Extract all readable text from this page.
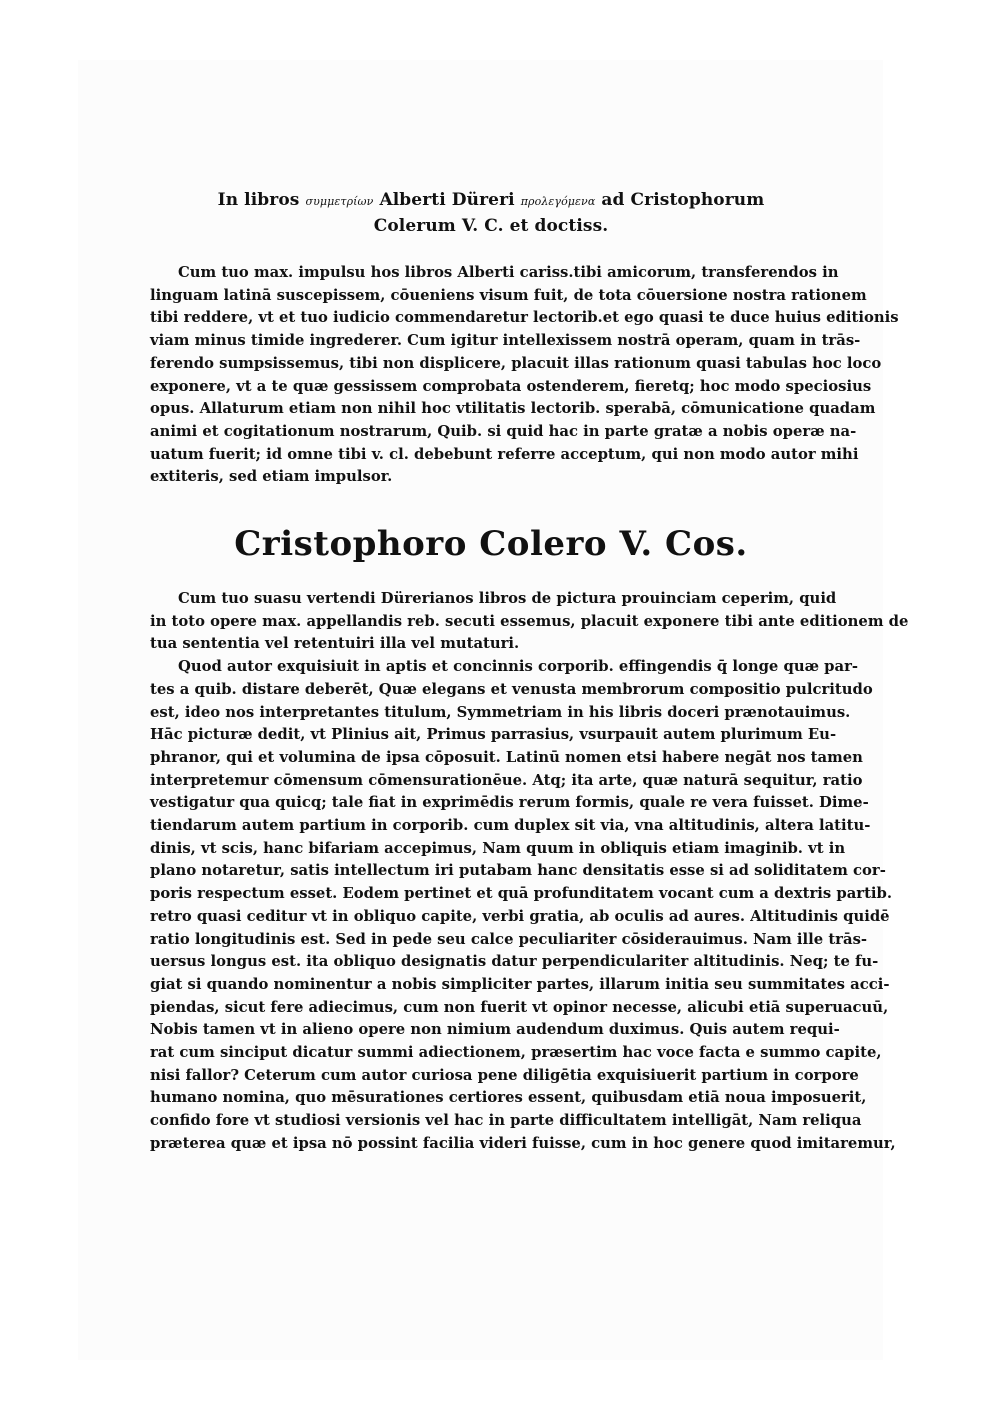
In libros συμμετρίων Alberti Düreri προλεγόμενα ad Cristophorum
Colerum V. C. et doctiss.
Cum tuo max. impulsu hos libros Alberti cariss.tibi amicorum, transferendos in
linguam latinā suscepissem, cōueniens visum fuit, de tota cōuersione nostra rationem
tibi reddere, vt et tuo iudicio commendaretur lectorib.et ego quasi te duce huius editionis
viam minus timide ingrederer. Cum igitur intellexissem nostrā operam, quam in trās-
ferendo sumpsissemus, tibi non displicere, placuit illas rationum quasi tabulas hoc loco
exponere, vt a te quæ gessissem comprobata ostenderem, fieretq; hoc modo speciosius
opus. Allaturum etiam non nihil hoc vtilitatis lectorib. sperabā, cōmunicatione quadam
animi et cogitationum nostrarum, Quib. si quid hac in parte gratæ a nobis operæ na-
uatum fuerit; id omne tibi v. cl. debebunt referre acceptum, qui non modo autor mihi
extiteris, sed etiam impulsor.
Cristophoro Colero V. Cos.
Cum tuo suasu vertendi Dürerianos libros de pictura prouinciam ceperim, quid
in toto opere max. appellandis reb. secuti essemus, placuit exponere tibi ante editionem de
tua sententia vel retentuiri illa vel mutaturi.
Quod autor exquisiuit in aptis et concinnis corporib. effingendis q̄ longe quæ par-
tes a quib. distare deberēt, Quæ elegans et venusta membrorum compositio pulcritudo
est, ideo nos interpretantes titulum, Symmetriam in his libris doceri prænotauimus.
Hāc picturæ dedit, vt Plinius ait, Primus parrasius, vsurpauit autem plurimum Eu-
phranor, qui et volumina de ipsa cōposuit. Latinū nomen etsi habere negāt nos tamen
interpretemur cōmensum cōmensurationēue. Atq; ita arte, quæ naturā sequitur, ratio
vestigatur qua quicq; tale fiat in exprimēdis rerum formis, quale re vera fuisset. Dime-
tiendarum autem partium in corporib. cum duplex sit via, vna altitudinis, altera latitu-
dinis, vt scis, hanc bifariam accepimus, Nam quum in obliquis etiam imaginib. vt in
plano notaretur, satis intellectum iri putabam hanc densitatis esse si ad soliditatem cor-
poris respectum esset. Eodem pertinet et quā profunditatem vocant cum a dextris partib.
retro quasi ceditur vt in obliquo capite, verbi gratia, ab oculis ad aures. Altitudinis quidē
ratio longitudinis est. Sed in pede seu calce peculiariter cōsiderauimus. Nam ille trās-
uersus longus est. ita obliquo designatis datur perpendiculariter altitudinis. Neq; te fu-
giat si quando nominentur a nobis simpliciter partes, illarum initia seu summitates acci-
piendas, sicut fere adiecimus, cum non fuerit vt opinor necesse, alicubi etiā superuacuū,
Nobis tamen vt in alieno opere non nimium audendum duximus. Quis autem requi-
rat cum sinciput dicatur summi adiectionem, præsertim hac voce facta e summo capite,
nisi fallor? Ceterum cum autor curiosa pene diligētia exquisiuerit partium in corpore
humano nomina, quo mēsurationes certiores essent, quibusdam etiā noua imposuerit,
confido fore vt studiosi versionis vel hac in parte difficultatem intelligāt, Nam reliqua
præterea quæ et ipsa nō possint facilia videri fuisse, cum in hoc genere quod imitaremur,
